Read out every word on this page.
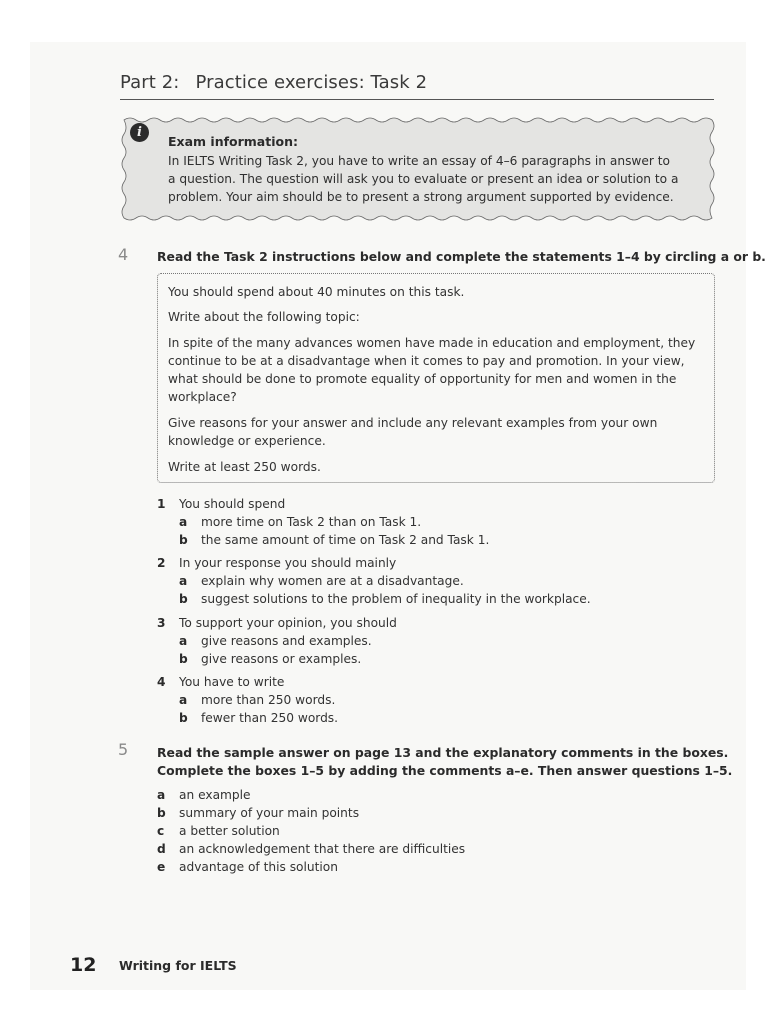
Part 2: Practice exercises: Task 2
i
Exam information:
In IELTS Writing Task 2, you have to write an essay of 4–6 paragraphs in answer to
a question. The question will ask you to evaluate or present an idea or solution to a
problem. Your aim should be to present a strong argument supported by evidence.
4 Read the Task 2 instructions below and complete the statements 1–4 by circling a or b.
You should spend about 40 minutes on this task.
Write about the following topic:
In spite of the many advances women have made in education and employment, they
continue to be at a disadvantage when it comes to pay and promotion. In your view,
what should be done to promote equality of opportunity for men and women in the
workplace?
Give reasons for your answer and include any relevant examples from your own
knowledge or experience.
Write at least 250 words.
1 You should spend
a more time on Task 2 than on Task 1.
b the same amount of time on Task 2 and Task 1.
2 In your response you should mainly
a explain why women are at a disadvantage.
b suggest solutions to the problem of inequality in the workplace.
3 To support your opinion, you should
a give reasons and examples.
b give reasons or examples.
4 You have to write
a more than 250 words.
b fewer than 250 words.
5 Read the sample answer on page 13 and the explanatory comments in the boxes.
Complete the boxes 1–5 by adding the comments a–e. Then answer questions 1–5.
a an example
b summary of your main points
c a better solution
d an acknowledgement that there are difficulties
e advantage of this solution
12 Writing for IELTS
